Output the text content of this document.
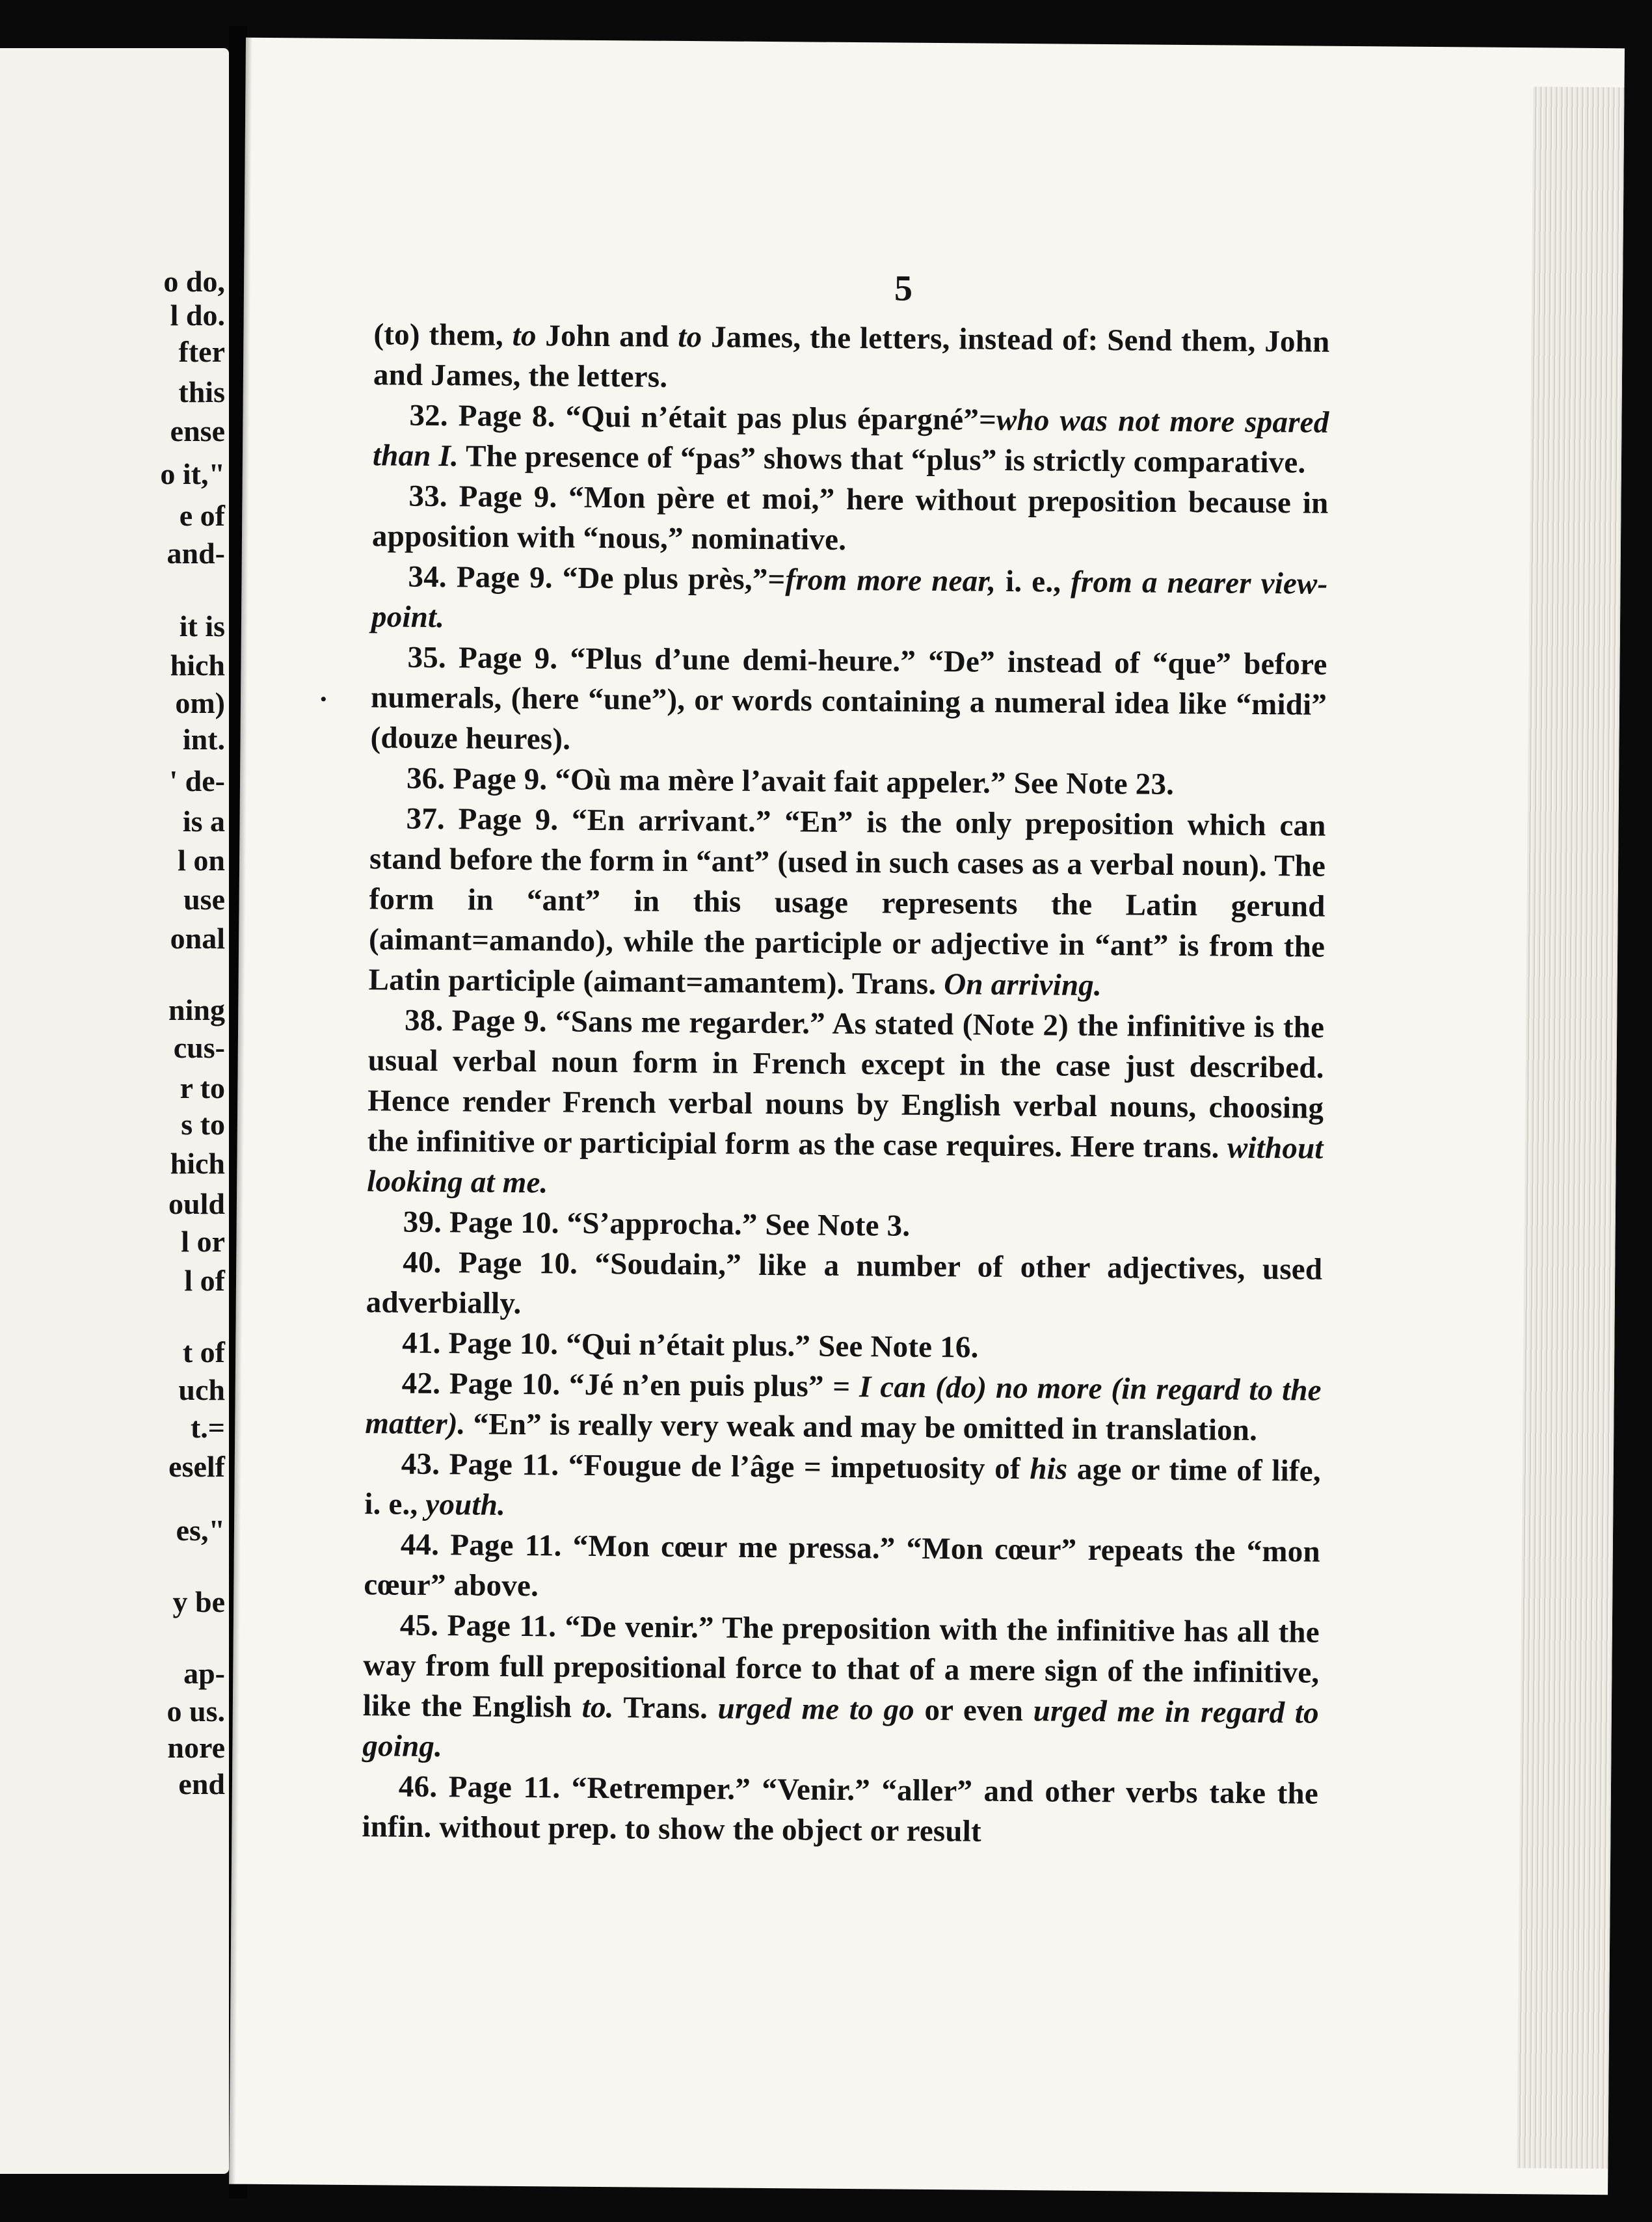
o do,
l do.
fter
this
ense
o it,"
e of
and-
it is
hich
om)
int.
' de-
is a
l on
use
onal
ning
cus-
r to
s to
hich
ould
l or
l of
t of
uch
t.=
eself
es,"
y be
ap-
o us.
nore
end
5
•

(to) them, to John and to James, the letters, instead of: Send them, John and James, the letters.

32. Page 8. “Qui n’était pas plus épargné”=who was not more spared than I. The presence of “pas” shows that “plus” is strictly comparative.

33. Page 9. “Mon père et moi,” here without preposition because in apposition with “nous,” nominative.

34. Page 9. “De plus près,”=from more near, i. e., from a nearer view-point.

35. Page 9. “Plus d’une demi-heure.” “De” instead of “que” before numerals, (here “une”), or words containing a numeral idea like “midi” (douze heures).

36. Page 9. “Où ma mère l’avait fait appeler.” See Note 23.

37. Page 9. “En arrivant.” “En” is the only preposition which can stand before the form in “ant” (used in such cases as a verbal noun). The form in “ant” in this usage represents the Latin gerund (aimant=amando), while the participle or adjective in “ant” is from the Latin participle (aimant=amantem). Trans. On arriving.

38. Page 9. “Sans me regarder.” As stated (Note 2) the infinitive is the usual verbal noun form in French except in the case just described. Hence render French verbal nouns by English verbal nouns, choosing the infinitive or participial form as the case requires. Here trans. without looking at me.

39. Page 10. “S’approcha.” See Note 3.

40. Page 10. “Soudain,” like a number of other adjectives, used adverbially.

41. Page 10. “Qui n’était plus.” See Note 16.

42. Page 10. “Jé n’en puis plus” = I can (do) no more (in regard to the matter). “En” is really very weak and may be omitted in translation.

43. Page 11. “Fougue de l’âge = impetuosity of his age or time of life, i. e., youth.

44. Page 11. “Mon cœur me pressa.” “Mon cœur” repeats the “mon cœur” above.

45. Page 11. “De venir.” The preposition with the infinitive has all the way from full prepositional force to that of a mere sign of the infinitive, like the English to. Trans. urged me to go or even urged me in regard to going.

46. Page 11. “Retremper.” “Venir.” “aller” and other verbs take the infin. without prep. to show the object or result
